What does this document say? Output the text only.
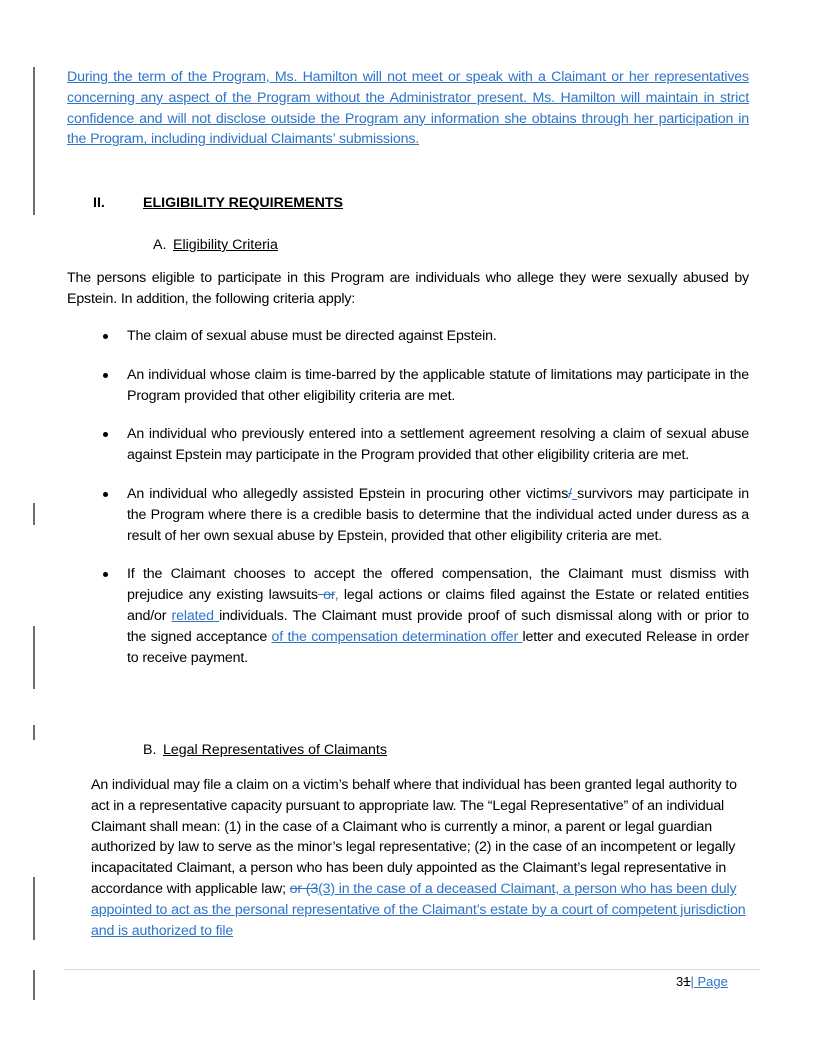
During the term of the Program, Ms. Hamilton will not meet or speak with a Claimant or her representatives concerning any aspect of the Program without the Administrator present. Ms. Hamilton will maintain in strict confidence and will not disclose outside the Program any information she obtains through her participation in the Program, including individual Claimants’ submissions.
II.	ELIGIBILITY REQUIREMENTS
A. Eligibility Criteria
The persons eligible to participate in this Program are individuals who allege they were sexually abused by Epstein. In addition, the following criteria apply:
The claim of sexual abuse must be directed against Epstein.
An individual whose claim is time-barred by the applicable statute of limitations may participate in the Program provided that other eligibility criteria are met.
An individual who previously entered into a settlement agreement resolving a claim of sexual abuse against Epstein may participate in the Program provided that other eligibility criteria are met.
An individual who allegedly assisted Epstein in procuring other victims/ survivors may participate in the Program where there is a credible basis to determine that the individual acted under duress as a result of her own sexual abuse by Epstein, provided that other eligibility criteria are met.
If the Claimant chooses to accept the offered compensation, the Claimant must dismiss with prejudice any existing lawsuits or, legal actions or claims filed against the Estate or related entities and/or related individuals. The Claimant must provide proof of such dismissal along with or prior to the signed acceptance of the compensation determination offer letter and executed Release in order to receive payment.
B. Legal Representatives of Claimants
An individual may file a claim on a victim’s behalf where that individual has been granted legal authority to act in a representative capacity pursuant to appropriate law. The “Legal Representative” of an individual Claimant shall mean: (1) in the case of a Claimant who is currently a minor, a parent or legal guardian authorized by law to serve as the minor’s legal representative; (2) in the case of an incompetent or legally incapacitated Claimant, a person who has been duly appointed as the Claimant’s legal representative in accordance with applicable law; or (3(3) in the case of a deceased Claimant, a person who has been duly appointed to act as the personal representative of the Claimant’s estate by a court of competent jurisdiction and is authorized to file
31| Page
